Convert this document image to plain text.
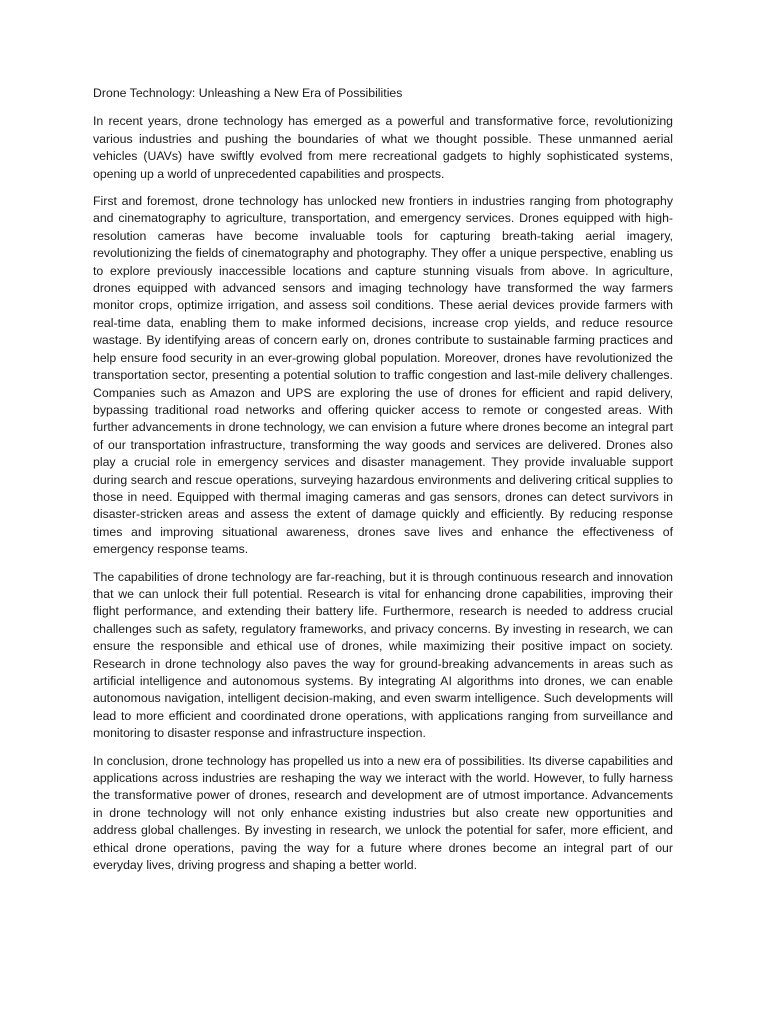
Drone Technology: Unleashing a New Era of Possibilities

In recent years, drone technology has emerged as a powerful and transformative force, revolutionizing various industries and pushing the boundaries of what we thought possible. These unmanned aerial vehicles (UAVs) have swiftly evolved from mere recreational gadgets to highly sophisticated systems, opening up a world of unprecedented capabilities and prospects.

First and foremost, drone technology has unlocked new frontiers in industries ranging from photography and cinematography to agriculture, transportation, and emergency services. Drones equipped with high-resolution cameras have become invaluable tools for capturing breath-taking aerial imagery, revolutionizing the fields of cinematography and photography. They offer a unique perspective, enabling us to explore previously inaccessible locations and capture stunning visuals from above. In agriculture, drones equipped with advanced sensors and imaging technology have transformed the way farmers monitor crops, optimize irrigation, and assess soil conditions. These aerial devices provide farmers with real-time data, enabling them to make informed decisions, increase crop yields, and reduce resource wastage. By identifying areas of concern early on, drones contribute to sustainable farming practices and help ensure food security in an ever-growing global population. Moreover, drones have revolutionized the transportation sector, presenting a potential solution to traffic congestion and last-mile delivery challenges. Companies such as Amazon and UPS are exploring the use of drones for efficient and rapid delivery, bypassing traditional road networks and offering quicker access to remote or congested areas. With further advancements in drone technology, we can envision a future where drones become an integral part of our transportation infrastructure, transforming the way goods and services are delivered. Drones also play a crucial role in emergency services and disaster management. They provide invaluable support during search and rescue operations, surveying hazardous environments and delivering critical supplies to those in need. Equipped with thermal imaging cameras and gas sensors, drones can detect survivors in disaster-stricken areas and assess the extent of damage quickly and efficiently. By reducing response times and improving situational awareness, drones save lives and enhance the effectiveness of emergency response teams.

The capabilities of drone technology are far-reaching, but it is through continuous research and innovation that we can unlock their full potential. Research is vital for enhancing drone capabilities, improving their flight performance, and extending their battery life. Furthermore, research is needed to address crucial challenges such as safety, regulatory frameworks, and privacy concerns. By investing in research, we can ensure the responsible and ethical use of drones, while maximizing their positive impact on society. Research in drone technology also paves the way for ground-breaking advancements in areas such as artificial intelligence and autonomous systems. By integrating AI algorithms into drones, we can enable autonomous navigation, intelligent decision-making, and even swarm intelligence. Such developments will lead to more efficient and coordinated drone operations, with applications ranging from surveillance and monitoring to disaster response and infrastructure inspection.

In conclusion, drone technology has propelled us into a new era of possibilities. Its diverse capabilities and applications across industries are reshaping the way we interact with the world. However, to fully harness the transformative power of drones, research and development are of utmost importance. Advancements in drone technology will not only enhance existing industries but also create new opportunities and address global challenges. By investing in research, we unlock the potential for safer, more efficient, and ethical drone operations, paving the way for a future where drones become an integral part of our everyday lives, driving progress and shaping a better world.
